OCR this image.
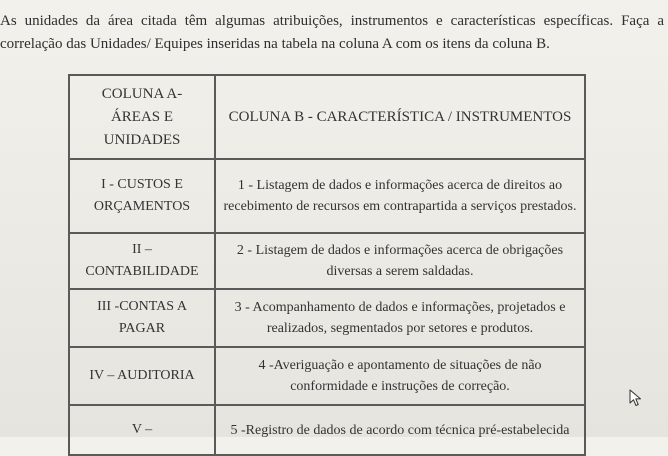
As unidades da área citada têm algumas atribuições, instrumentos e características específicas. Faça a
correlação das Unidades/ Equipes inseridas na tabela na coluna A com os itens da coluna B.
COLUNA A- ÁREAS E UNIDADES	COLUNA B - CARACTERÍSTICA / INSTRUMENTOS
I - CUSTOS E ORÇAMENTOS	1 - Listagem de dados e informações acerca de direitos ao recebimento de recursos em contrapartida a serviços prestados.
II – CONTABILIDADE	2 - Listagem de dados e informações acerca de obrigações diversas a serem saldadas.
III -CONTAS A PAGAR	3 - Acompanhamento de dados e informações, projetados e realizados, segmentados por setores e produtos.
IV – AUDITORIA	4 -Averiguação e apontamento de situações de não conformidade e instruções de correção.
V –	5 -Registro de dados de acordo com técnica pré-estabelecida
